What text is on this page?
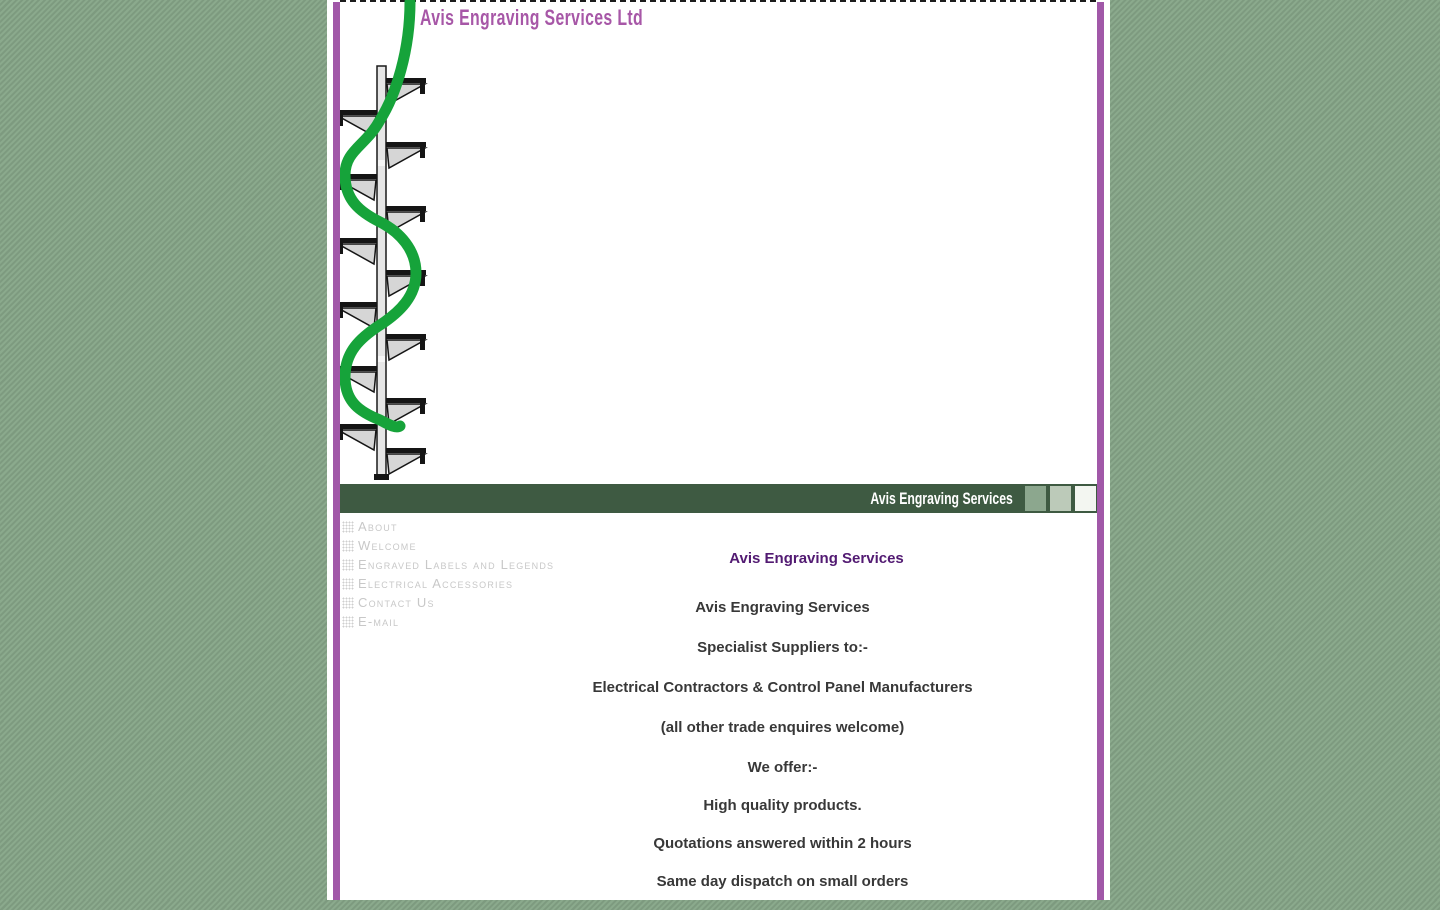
Avis Engraving Services Ltd
Avis Engraving Services
About
Welcome
Engraved Labels and Legends
Electrical Accessories
Contact Us
E-mail

Avis Engraving Services

Avis Engraving Services

Specialist Suppliers to:-

Electrical Contractors & Control Panel Manufacturers

(all other trade enquires welcome)

We offer:-

High quality products.

Quotations answered within 2 hours

Same day dispatch on small orders
